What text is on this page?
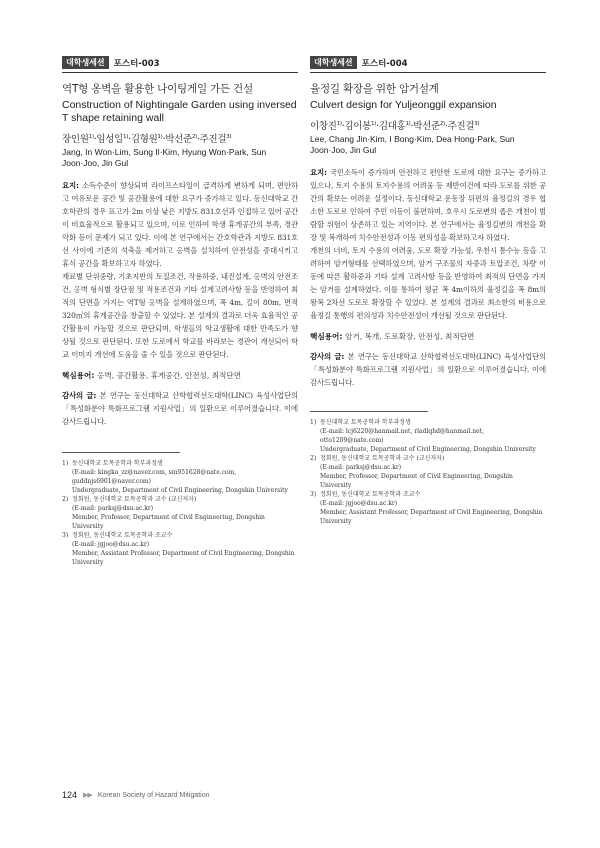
대학생세션	포스터-003
역T형 옹벽을 활용한 나이팅게일 가든 건설
Construction of Nightingale Garden using inversed T shape retaining wall
장인원$^{1)}$·임성일$^{1)}$·김형원$^{1)}$·박선준$^{2)}$·주진걸$^{3)}$
Jang, In Won·Lim, Sung Il·Kim, Hyung Won·Park, Sun Joon·Joo, Jin Gul
요지: 소득수준이 향상되며 라이프스타일이 급격하게 변하게 되며, 편안하고 여유로운 공간 및 공간활용에 대한 요구가 증가하고 있다. 동신대학교 간호학관의 경우 표고가 2m 이상 낮은 지방도 831호선과 인접하고 있어 공간이 비효율적으로 활용되고 있으며, 이로 인하여 학생 휴게공간의 부족, 경관 악화 등이 문제가 되고 있다. 이에 본 연구에서는 간호학관과 지방도 831호선 사이에 기존의 석축을 제거하고 옹벽을 설치하여 안전성을 증대시키고 휴식 공간을 확보하고자 하였다.
재료별 단위중량, 기초지반의 토질조건, 작용하중, 내진설계, 옹벽의 안전조건, 옹벽 형식별 장단점 및 적용조건과 기타 설계고려사항 등을 반영하여 최적의 단면을 가지는 역T형 옹벽을 설계하였으며, 폭 4m, 길이 80m, 면적 320㎡의 휴게공간을 창출할 수 있었다. 본 설계의 결과로 더욱 효율적인 공간활용이 가능할 것으로 판단되며, 학생들의 학교생활에 대한 만족도가 향상될 것으로 판단된다. 또한 도로에서 학교를 바라보는 경관이 개선되어 학교 이미지 개선에 도움을 줄 수 있을 것으로 판단된다.
핵심용어: 옹벽, 공간활용, 휴게공간, 안전성, 최적단면
감사의 글: 본 연구는 동신대학교 산학협력선도대학(LINC) 육성사업단의 「특성화분야 특화프로그램 지원사업」의 일환으로 이루어졌습니다. 이에 감사드립니다.
1) 동신대학교 토목공학과 학부과정생
(E-mail: kingka_zz@naver.com, sm951628@nate.com, guddnjs6901@naver.com)
Undergraduate, Department of Civil Engineering, Dongshin University
2) 정회원, 동신대학교 토목공학과 교수 (교신저자)
(E-mail: parksj@dsu.ac.kr)
Member, Professor, Department of Civil Engineering, Dongshin University
3) 정회원, 동신대학교 토목공학과 조교수
(E-mail: jgjoo@dsu.ac.kr)
Member, Assistant Professor, Department of Civil Engineering, Dongshin University
대학생세션	포스터-004
율정길 확장을 위한 암거설계
Culvert design for Yuljeonggil expansion
이창진$^{1)}$·김이봉$^{1)}$·김대홍$^{1)}$·박선준$^{2)}$·주진걸$^{3)}$
Lee, Chang Jin·Kim, I Bong·Kim, Dea Hong·Park, Sun Joon·Joo, Jin Gul
요지: 국민소득이 증가하며 안전하고 편안한 도로에 대한 요구는 증가하고 있으나, 토지 수용의 토지수용의 어려움 등 제반여건에 따라 도로를 위한 공간의 확보는 어려운 실정이다. 동신대학교 운동장 뒤편의 율정길의 경우 협소한 도로로 인하여 주민 이동이 불편하며, 호우시 도로변의 좁은 개천이 범람할 위험이 상존하고 있는 지역이다. 본 연구에서는 율정길변의 개천을 확장 및 복개하여 치수안전성과 이동 편의성을 확보하고자 하였다.
개천의 너비, 토지 수용의 어려움, 도로 확장 가능성, 우천시 통수능 등을 고려하여 암거형태를 선택하였으며, 암거 구조물의 자중과 토압조건, 차량 이동에 따른 활하중과 기타 설계 고려사항 등을 반영하여 최적의 단면을 가지는 암거를 설계하였다. 이를 통하여 평균 폭 4m이하의 율정길을 폭 8m의 왕복 2차선 도로로 확장할 수 있었다. 본 설계의 결과로 최소한의 비용으로 율정길 통행의 편의성과 치수안전성이 개선될 것으로 판단된다.
핵심용어: 암거, 복개, 도로확장, 안전성, 최적단면
감사의 글: 본 연구는 동신대학교 산학협력선도대학(LINC) 육성사업단의 「특성화분야 특화프로그램 지원사업」의 일환으로 이루어졌습니다. 이에 감사드립니다.
1) 동신대학교 토목공학과 학부과정생
(E-mail: lcj6220@hanmail.net, rladlqhd@hanmail.net, otto1209@nate.com)
Undergraduate, Department of Civil Engineering, Dongshin University
2) 정회원, 동신대학교 토목공학과 교수 (교신저자)
(E-mail: parksj@dsu.ac.kr)
Member, Professor, Department of Civil Engineering, Dongshin University
3) 정회원, 동신대학교 토목공학과 조교수
(E-mail: jgjoo@dsu.ac.kr)
Member, Assistant Professor, Department of Civil Engineering, Dongshin University
124 ▶▶ Korean Society of Hazard Mitigation
